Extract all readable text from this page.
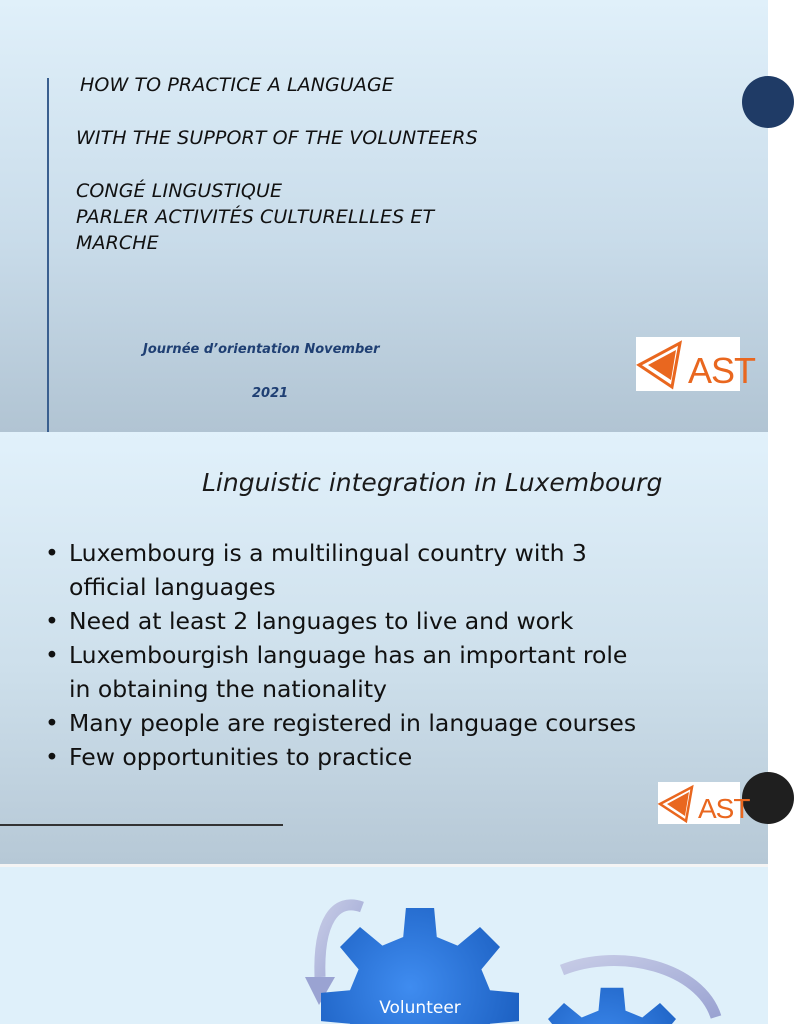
HOW TO PRACTICE A LANGUAGE

WITH THE SUPPORT OF THE VOLUNTEERS

CONGÉ LINGUSTIQUE

PARLER ACTIVITÉS CULTURELLLES ET

MARCHE

Journée d’orientation November

2021

AST

Linguistic integration in Luxembourg

• Luxembourg is a multilingual country with 3
official languages
• Need at least 2 languages to live and work
• Luxembourgish language has an important role
in obtaining the nationality
• Many people are registered in language courses
• Few opportunities to practice
AST
Volunteer
